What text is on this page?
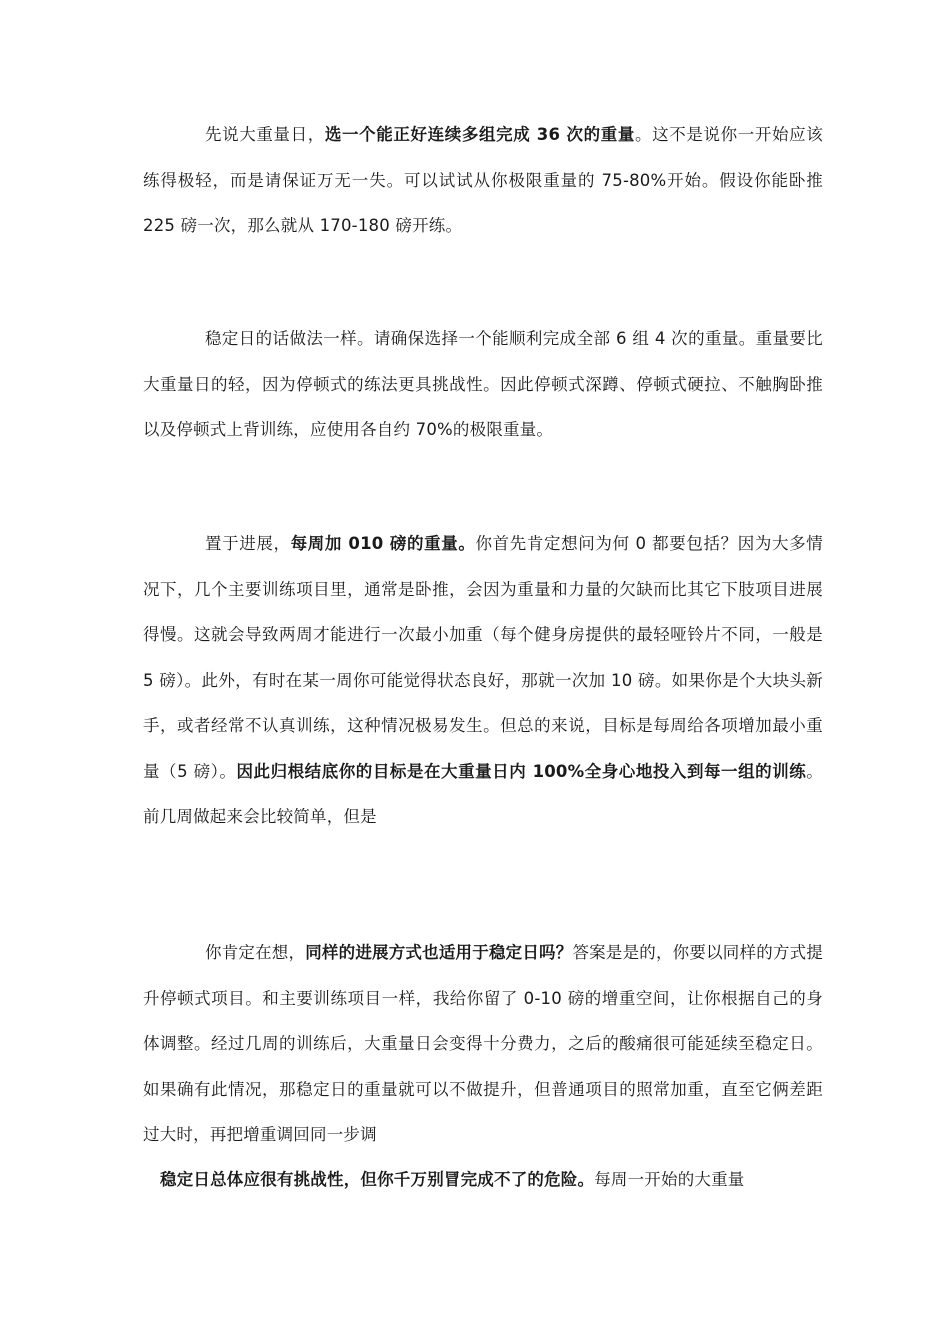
先说大重量日，选一个能正好连续多组完成 36 次的重量。这不是说你一开始应该练得极轻，而是请保证万无一失。可以试试从你极限重量的 75-80%开始。假设你能卧推 225 磅一次，那么就从 170-180 磅开练。

稳定日的话做法一样。请确保选择一个能顺利完成全部 6 组 4 次的重量。重量要比大重量日的轻，因为停顿式的练法更具挑战性。因此停顿式深蹲、停顿式硬拉、不触胸卧推以及停顿式上背训练，应使用各自约 70%的极限重量。

置于进展，每周加 010 磅的重量。你首先肯定想问为何 0 都要包括？因为大多情况下，几个主要训练项目里，通常是卧推，会因为重量和力量的欠缺而比其它下肢项目进展得慢。这就会导致两周才能进行一次最小加重（每个健身房提供的最轻哑铃片不同，一般是 5 磅）。此外，有时在某一周你可能觉得状态良好，那就一次加 10 磅。如果你是个大块头新手，或者经常不认真训练，这种情况极易发生。但总的来说，目标是每周给各项增加最小重量（5 磅）。因此归根结底你的目标是在大重量日内 100%全身心地投入到每一组的训练。前几周做起来会比较简单，但是

你肯定在想，同样的进展方式也适用于稳定日吗？答案是是的，你要以同样的方式提升停顿式项目。和主要训练项目一样，我给你留了 0-10 磅的增重空间，让你根据自己的身体调整。经过几周的训练后，大重量日会变得十分费力，之后的酸痛很可能延续至稳定日。如果确有此情况，那稳定日的重量就可以不做提升，但普通项目的照常加重，直至它俩差距过大时，再把增重调回同一步调

稳定日总体应很有挑战性，但你千万别冒完成不了的危险。每周一开始的大重量
